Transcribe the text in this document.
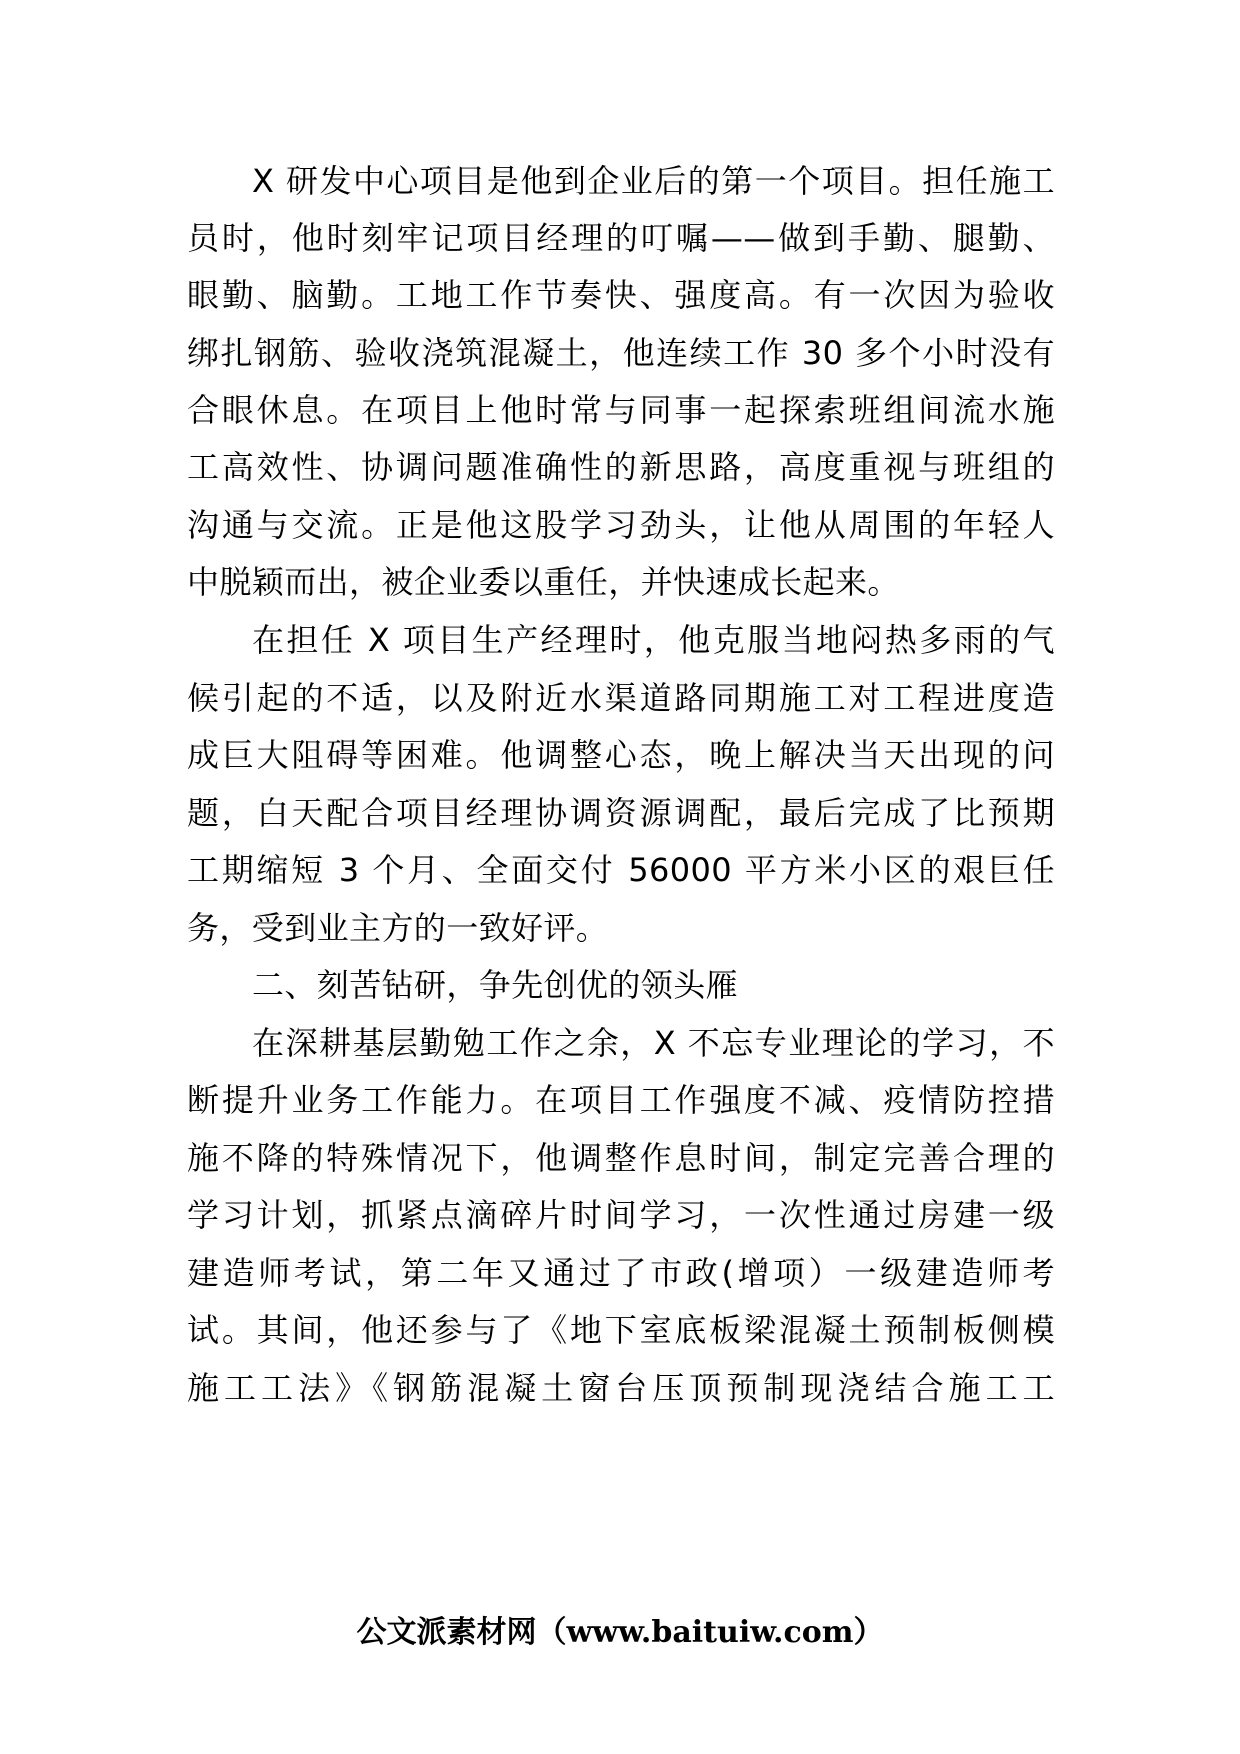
X 研发中心项目是他到企业后的第一个项目。担任施工
员时，他时刻牢记项目经理的叮嘱——做到手勤、腿勤、
眼勤、脑勤。工地工作节奏快、强度高。有一次因为验收
绑扎钢筋、验收浇筑混凝土，他连续工作 30 多个小时没有
合眼休息。在项目上他时常与同事一起探索班组间流水施
工高效性、协调问题准确性的新思路，高度重视与班组的
沟通与交流。正是他这股学习劲头，让他从周围的年轻人
中脱颖而出，被企业委以重任，并快速成长起来。
在担任 X 项目生产经理时，他克服当地闷热多雨的气
候引起的不适，以及附近水渠道路同期施工对工程进度造
成巨大阻碍等困难。他调整心态，晚上解决当天出现的问
题，白天配合项目经理协调资源调配，最后完成了比预期
工期缩短 3 个月、全面交付 56000 平方米小区的艰巨任
务，受到业主方的一致好评。
二、刻苦钻研，争先创优的领头雁
在深耕基层勤勉工作之余，X 不忘专业理论的学习，不
断提升业务工作能力。在项目工作强度不减、疫情防控措
施不降的特殊情况下，他调整作息时间，制定完善合理的
学习计划，抓紧点滴碎片时间学习，一次性通过房建一级
建造师考试，第二年又通过了市政(增项）一级建造师考
试。其间，他还参与了《地下室底板梁混凝土预制板侧模
施工工法》《钢筋混凝土窗台压顶预制现浇结合施工工
公文派素材网（www.baituiw.com）
